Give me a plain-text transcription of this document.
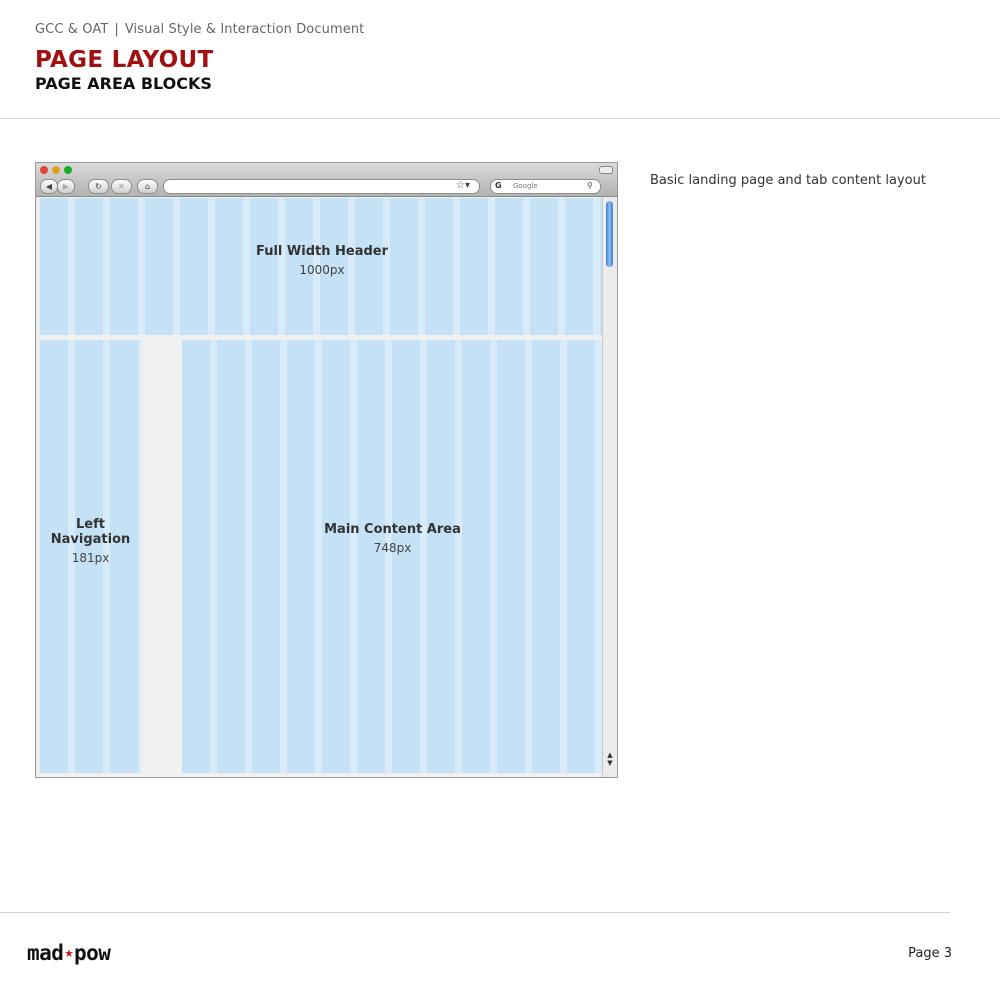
GCC & OAT | Visual Style & Interaction Document
PAGE LAYOUT
PAGE AREA BLOCKS
◀	▶	↻	✕	⌂	☆▾	G Google	⚲
Full Width Header
1000px
Left
Navigation
181px
Main Content Area
748px
▲
▼
Basic landing page and tab content layout
mad★pow	Page 3
